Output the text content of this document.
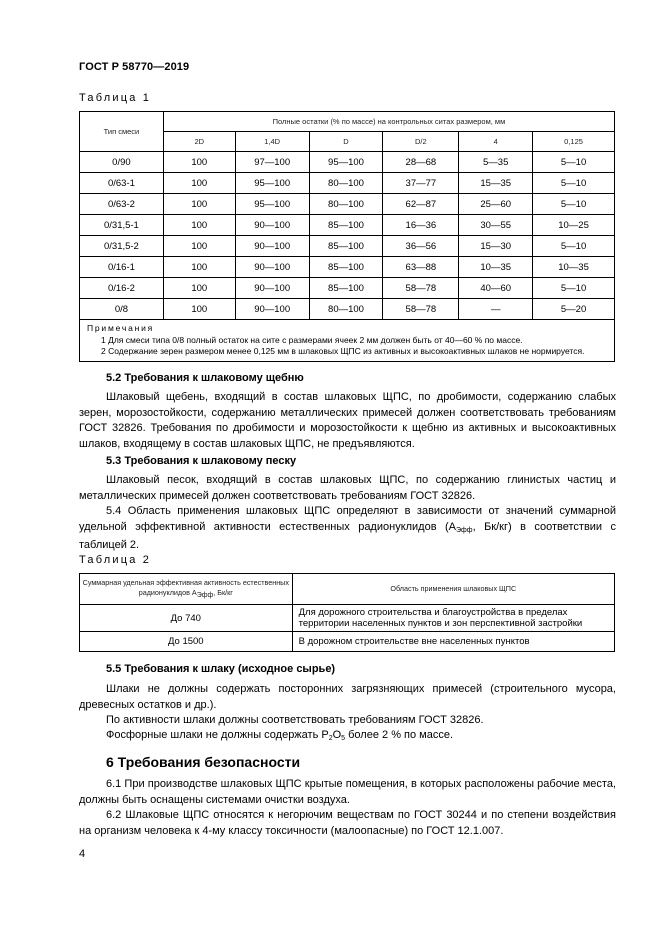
ГОСТ Р 58770—2019
Таблица 1
Тип смеси	Полные остатки (% по массе) на контрольных ситах размером, мм					
	2D	1,4D	D	D/2	4	0,125
0/90	100	97—100	95—100	28—68	5—35	5—10
0/63-1	100	95—100	80—100	37—77	15—35	5—10
0/63-2	100	95—100	80—100	62—87	25—60	5—10
0/31,5-1	100	90—100	85—100	16—36	30—55	10—25
0/31,5-2	100	90—100	85—100	36—56	15—30	5—10
0/16-1	100	90—100	85—100	63—88	10—35	10—35
0/16-2	100	90—100	85—100	58—78	40—60	5—10
0/8	100	90—100	80—100	58—78	—	5—20

Примечания
1 Для смеси типа 0/8 полный остаток на сите с размерами ячеек 2 мм должен быть от 40—60 % по массе.
2 Содержание зерен размером менее 0,125 мм в шлаковых ЩПС из активных и высокоактивных шлаков не нормируется.						

5.2 Требования к шлаковому щебню

Шлаковый щебень, входящий в состав шлаковых ЩПС, по дробимости, содержанию слабых зерен, морозостойкости, содержанию металлических примесей должен соответствовать требованиям ГОСТ 32826. Требования по дробимости и морозостойкости к щебню из активных и высокоактивных шлаков, входящему в состав шлаковых ЩПС, не предъявляются.

5.3 Требования к шлаковому песку

Шлаковый песок, входящий в состав шлаковых ЩПС, по содержанию глинистых частиц и металлических примесей должен соответствовать требованиям ГОСТ 32826.

5.4 Область применения шлаковых ЩПС определяют в зависимости от значений суммарной удельной эффективной активности естественных радионуклидов ($А_{Эфф}$, Бк/кг) в соответствии с таблицей 2.

Таблица 2
Суммарная удельная эффективная активность естественных радионуклидов $А_{Эфф}$, Бк/кг	Область применения шлаковых ЩПС
До 740	Для дорожного строительства и благоустройства в пределах территории населенных пунктов и зон перспективной застройки
До 1500	В дорожном строительстве вне населенных пунктов

5.5 Требования к шлаку (исходное сырье)

Шлаки не должны содержать посторонних загрязняющих примесей (строительного мусора, древесных остатков и др.).

По активности шлаки должны соответствовать требованиям ГОСТ 32826.

Фосфорные шлаки не должны содержать $P_2O_5$ более 2 % по массе.

6 Требования безопасности

6.1 При производстве шлаковых ЩПС крытые помещения, в которых расположены рабочие места, должны быть оснащены системами очистки воздуха.

6.2 Шлаковые ЩПС относятся к негорючим веществам по ГОСТ 30244 и по степени воздействия на организм человека к 4-му классу токсичности (малоопасные) по ГОСТ 12.1.007.

4
